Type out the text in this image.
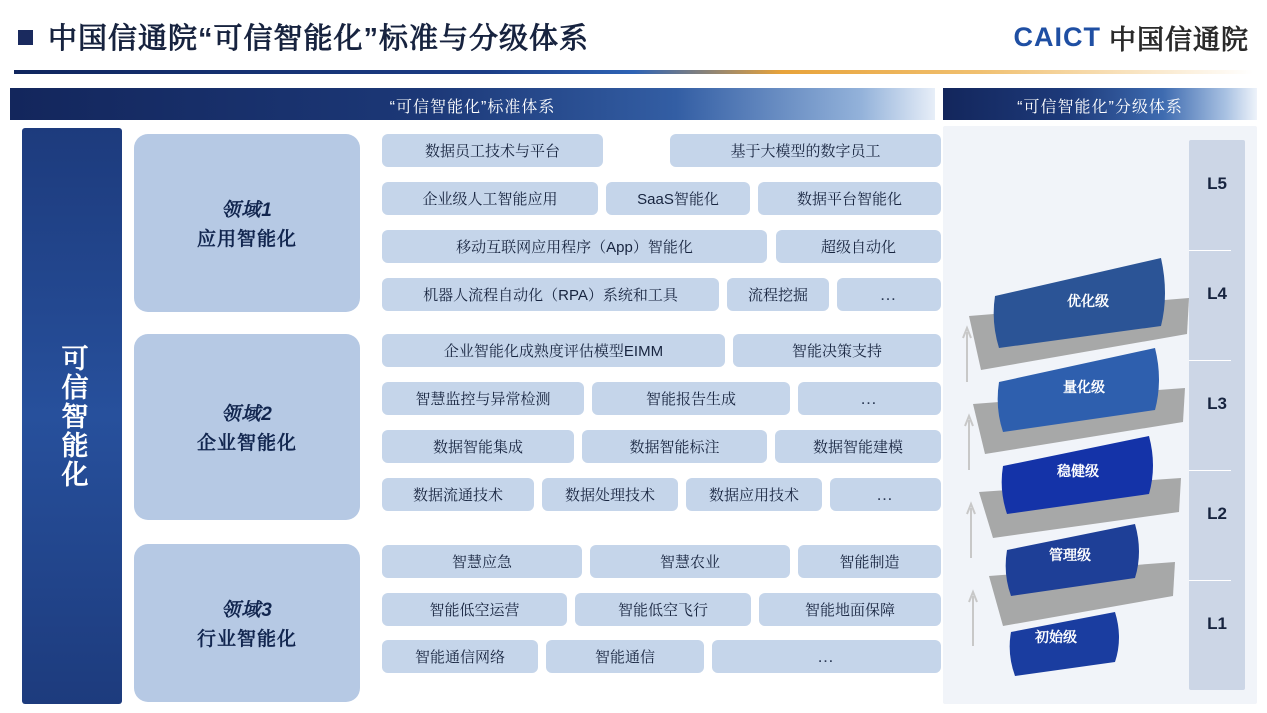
中国信通院“可信智能化”标准与分级体系	CAICT 中国信通院
“可信智能化”标准体系
可信智能化
领域1
应用智能化
数据员工技术与平台	基于大模型的数字员工
企业级人工智能应用	SaaS智能化	数据平台智能化
移动互联网应用程序（App）智能化	超级自动化
机器人流程自动化（RPA）系统和工具	流程挖掘	…
领域2
企业智能化
企业智能化成熟度评估模型EIMM	智能决策支持
智慧监控与异常检测	智能报告生成	…
数据智能集成	数据智能标注	数据智能建模
数据流通技术	数据处理技术	数据应用技术	…
领域3
行业智能化
智慧应急	智慧农业	智能制造
智能低空运营	智能低空飞行	智能地面保障
智能通信网络	智能通信	…
“可信智能化”分级体系
L5
L4
L3
L2
L1
优化级
量化级
稳健级
管理级
初始级
